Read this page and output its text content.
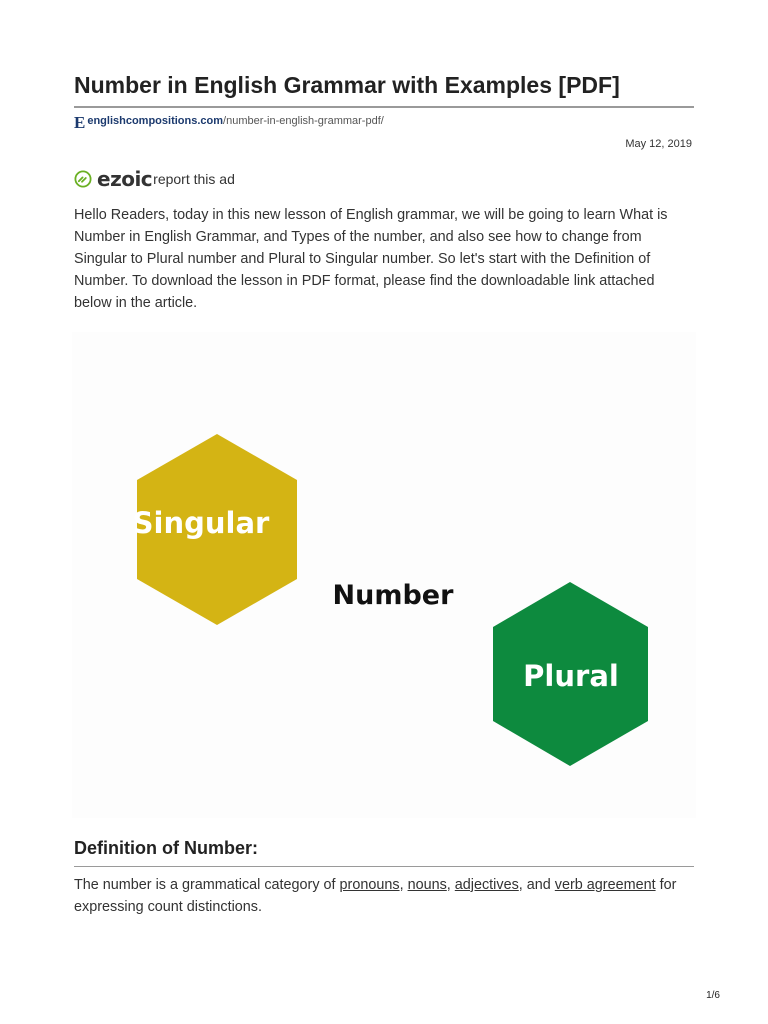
Number in English Grammar with Examples [PDF]
E englishcompositions.com /number-in-english-grammar-pdf/
May 12, 2019
ezoic report this ad

Hello Readers, today in this new lesson of English grammar, we will be going to learn What is Number in English Grammar, and Types of the number, and also see how to change from Singular to Plural number and Plural to Singular number. So let's start with the Definition of Number. To download the lesson in PDF format, please find the downloadable link attached below in the article.

Singular
Number
Plural
Definition of Number:

The number is a grammatical category of pronouns, nouns, adjectives, and verb agreement for expressing count distinctions.

1/6
